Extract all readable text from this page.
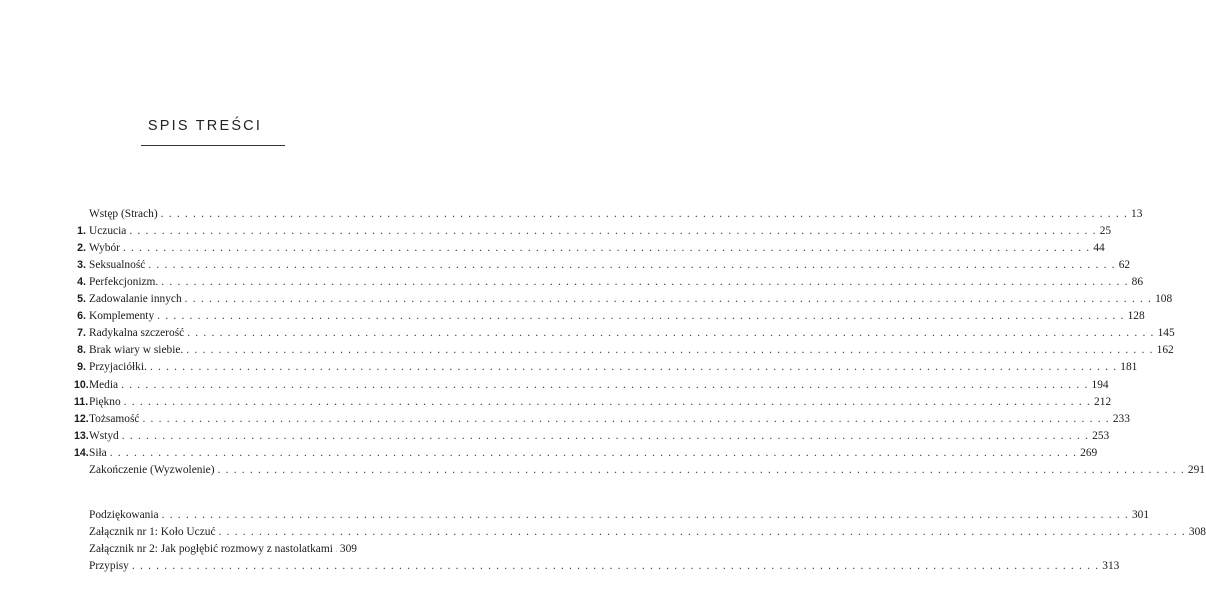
SPIS TREŚCI
Wstęp (Strach) . . . . . . . . . . . . . . . . . . . . . . . . . . . . . . . . . . . . . . . . . . . . . . . . . . . . . . . . . . . . . . . . . . . . . . . . . . . . . . . . . . . . . . . . . . . . . . . . . . . . . . . . . . . . . . . . . . . . . . . . 13
1. Uczucia . . . . . . . . . . . . . . . . . . . . . . . . . . . . . . . . . . . . . . . . . . . . . . . . . . . . . . . . . . . . . . . . . . . . . . . . . . . . . . . . . . . . . . . . . . . . . . . . . . . . . . . . . . . . . . . . . . . . . . . . 25
2. Wybór . . . . . . . . . . . . . . . . . . . . . . . . . . . . . . . . . . . . . . . . . . . . . . . . . . . . . . . . . . . . . . . . . . . . . . . . . . . . . . . . . . . . . . . . . . . . . . . . . . . . . . . . . . . . . . . . . . . . . . . . 44
3. Seksualność . . . . . . . . . . . . . . . . . . . . . . . . . . . . . . . . . . . . . . . . . . . . . . . . . . . . . . . . . . . . . . . . . . . . . . . . . . . . . . . . . . . . . . . . . . . . . . . . . . . . . . . . . . . . . . . . . . . . . . . . 62
4. Perfekcjonizm. . . . . . . . . . . . . . . . . . . . . . . . . . . . . . . . . . . . . . . . . . . . . . . . . . . . . . . . . . . . . . . . . . . . . . . . . . . . . . . . . . . . . . . . . . . . . . . . . . . . . . . . . . . . . . . . . . . . . . . . . 86
5. Zadowalanie innych . . . . . . . . . . . . . . . . . . . . . . . . . . . . . . . . . . . . . . . . . . . . . . . . . . . . . . . . . . . . . . . . . . . . . . . . . . . . . . . . . . . . . . . . . . . . . . . . . . . . . . . . . . . . . . . . . . . . . . . . 108
6. Komplementy . . . . . . . . . . . . . . . . . . . . . . . . . . . . . . . . . . . . . . . . . . . . . . . . . . . . . . . . . . . . . . . . . . . . . . . . . . . . . . . . . . . . . . . . . . . . . . . . . . . . . . . . . . . . . . . . . . . . . . . . 128
7. Radykalna szczerość . . . . . . . . . . . . . . . . . . . . . . . . . . . . . . . . . . . . . . . . . . . . . . . . . . . . . . . . . . . . . . . . . . . . . . . . . . . . . . . . . . . . . . . . . . . . . . . . . . . . . . . . . . . . . . . . . . . . . . . . 145
8. Brak wiary w siebie. . . . . . . . . . . . . . . . . . . . . . . . . . . . . . . . . . . . . . . . . . . . . . . . . . . . . . . . . . . . . . . . . . . . . . . . . . . . . . . . . . . . . . . . . . . . . . . . . . . . . . . . . . . . . . . . . . . . . . . . . 162
9. Przyjaciółki. . . . . . . . . . . . . . . . . . . . . . . . . . . . . . . . . . . . . . . . . . . . . . . . . . . . . . . . . . . . . . . . . . . . . . . . . . . . . . . . . . . . . . . . . . . . . . . . . . . . . . . . . . . . . . . . . . . . . . . . . 181
10. Media . . . . . . . . . . . . . . . . . . . . . . . . . . . . . . . . . . . . . . . . . . . . . . . . . . . . . . . . . . . . . . . . . . . . . . . . . . . . . . . . . . . . . . . . . . . . . . . . . . . . . . . . . . . . . . . . . . . . . . . . 194
11. Piękno . . . . . . . . . . . . . . . . . . . . . . . . . . . . . . . . . . . . . . . . . . . . . . . . . . . . . . . . . . . . . . . . . . . . . . . . . . . . . . . . . . . . . . . . . . . . . . . . . . . . . . . . . . . . . . . . . . . . . . . . 212
12. Tożsamość . . . . . . . . . . . . . . . . . . . . . . . . . . . . . . . . . . . . . . . . . . . . . . . . . . . . . . . . . . . . . . . . . . . . . . . . . . . . . . . . . . . . . . . . . . . . . . . . . . . . . . . . . . . . . . . . . . . . . . . . 233
13. Wstyd . . . . . . . . . . . . . . . . . . . . . . . . . . . . . . . . . . . . . . . . . . . . . . . . . . . . . . . . . . . . . . . . . . . . . . . . . . . . . . . . . . . . . . . . . . . . . . . . . . . . . . . . . . . . . . . . . . . . . . . . 253
14. Siła . . . . . . . . . . . . . . . . . . . . . . . . . . . . . . . . . . . . . . . . . . . . . . . . . . . . . . . . . . . . . . . . . . . . . . . . . . . . . . . . . . . . . . . . . . . . . . . . . . . . . . . . . . . . . . . . . . . . . . . . 269
Zakończenie (Wyzwolenie) . . . . . . . . . . . . . . . . . . . . . . . . . . . . . . . . . . . . . . . . . . . . . . . . . . . . . . . . . . . . . . . . . . . . . . . . . . . . . . . . . . . . . . . . . . . . . . . . . . . . . . . . . . . . . . . . . . . . . . . . 291
Podziękowania . . . . . . . . . . . . . . . . . . . . . . . . . . . . . . . . . . . . . . . . . . . . . . . . . . . . . . . . . . . . . . . . . . . . . . . . . . . . . . . . . . . . . . . . . . . . . . . . . . . . . . . . . . . . . . . . . . . . . . . . 301
Załącznik nr 1: Koło Uczuć . . . . . . . . . . . . . . . . . . . . . . . . . . . . . . . . . . . . . . . . . . . . . . . . . . . . . . . . . . . . . . . . . . . . . . . . . . . . . . . . . . . . . . . . . . . . . . . . . . . . . . . . . . . . . . . . . . . . . . . . 308
Załącznik nr 2: Jak pogłębić rozmowy z nastolatkami 309
Przypisy . . . . . . . . . . . . . . . . . . . . . . . . . . . . . . . . . . . . . . . . . . . . . . . . . . . . . . . . . . . . . . . . . . . . . . . . . . . . . . . . . . . . . . . . . . . . . . . . . . . . . . . . . . . . . . . . . . . . . . . . 313
